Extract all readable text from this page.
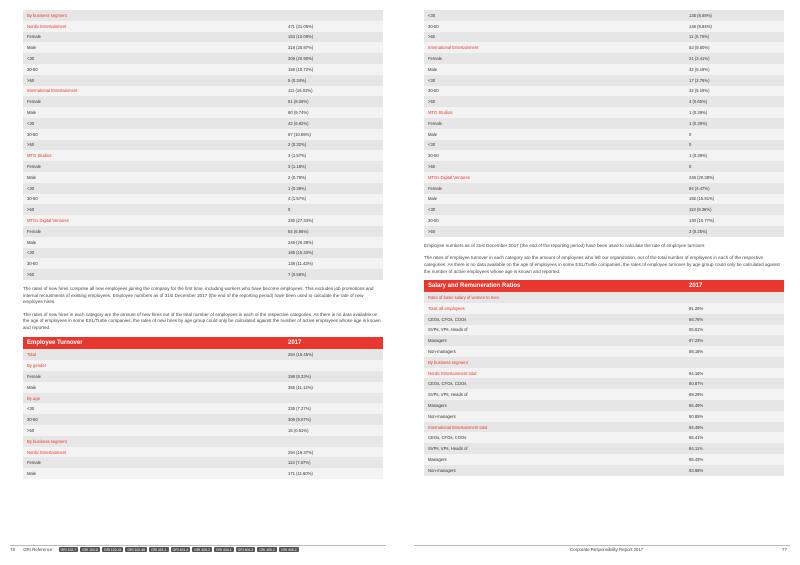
By business segment
Nordic Entertainment	471 (31.05%)
Female	153 (10.08%)
Male	318 (20.97%)
<30	308 (20.90%)
30-50	158 (10.72%)
>50	5 (0.34%)
International Entertainment	111 (16.03%)
Female	51 (8.26%)
Male	60 (9.74%)
<30	42 (6.82%)
30-50	67 (10.88%)
>50	2 (0.32%)
MTG Studios	3 (1.57%)
Female	3 (1.18%)
Male	2 (0.79%)
<30	1 (0.39%)
30-50	4 (1.57%)
>50	0
MTGx Digital Ventures	330 (27.34%)
Female	84 (6.96%)
Male	246 (20.38%)
<30	185 (15.33%)
30-50	138 (11.43%)
>50	7 (0.58%)

The rates of new hires comprise all new employees joining the company for the first time, including workers who have become employees. This excludes job promotions and internal recruitments of existing employees. Employee numbers as of 31st December 2017 (the end of the reporting period) have been used to calculate the rate of new employee hires.

The rates of new hires in each category are the amount of new hires out of the total number of employees in each of the respective categories. As there is no data available on the age of employees in some ESL/Turtle companies, the rates of new hires by age group could only be calculated against the number of active employees whose age is known and reported.

Employee Turnover	2017
Total	284 (16.45%)
By gender
Female	198 (5.33%)
Male	355 (11.12%)
By age
<30	235 (7.27%)
30-50	306 (9.67%)
>50	16 (0.51%)
By business segment
Nordic Entertainment	294 (19.37%)
Female	113 (7.67%)
Male	171 (11.60%)
<30	135 (8.68%)
30-50	146 (9.84%)
>50	11 (0.75%)
International Entertainment	53 (8.60%)
Female	21 (3.41%)
Male	32 (5.19%)
<30	17 (2.76%)
30-50	32 (5.19%)
>50	4 (0.65%)
MTG Studios	1 (0.39%)
Female	1 (0.39%)
Male	0
<30	0
30-50	1 (0.39%)
>50	0
MTGx Digital Ventures	246 (20.38%)
Female	84 (4.47%)
Male	192 (15.91%)
<30	113 (9.36%)
30-50	130 (10.77%)
>50	3 (0.25%)

Employee numbers as of 31st December 2017 (the end of the reporting period) have been used to calculate the rate of employee turnover.

The rates of employee turnover in each category are the amount of employees who left our organization, out of the total number of employees in each of the respective categories. As there is no data available on the age of employees in some ESL/Turtle companies, the rates of employee turnover by age group could only be calculated against the number of active employees whose age is known and reported.

Salary and Remuneration Ratios	2017
Ratio of basic salary of women to men
Total, all employees	81.26%
CEOs, CFOs, COOs	66.78%
SVPs, VPs, Heads of	65.61%
Managers	87.23%
Non-managers	88.18%
By business segment
Nordic Entertainment total	84.16%
CEOs, CFOs, COOs	80.87%
SVPs, VPs, Heads of	68.29%
Managers	86.49%
Non-managers	80.85%
International Entertainment total	84.49%
CEOs, CFOs, COOs	65.41%
SVPs, VPs, Heads of	84.11%
Managers	85.43%
Non-managers	83.68%
76 GRI Reference:	GRI 102-7	GRI 102-8	GRI 102-41	GRI 102-48	GRI 401-1	GRI 401-3	GRI 405-2	GRI 404-1	GRI 404-3	GRI 405-1	GRI 405-2	Corporate Responsibility Report 2017	77
